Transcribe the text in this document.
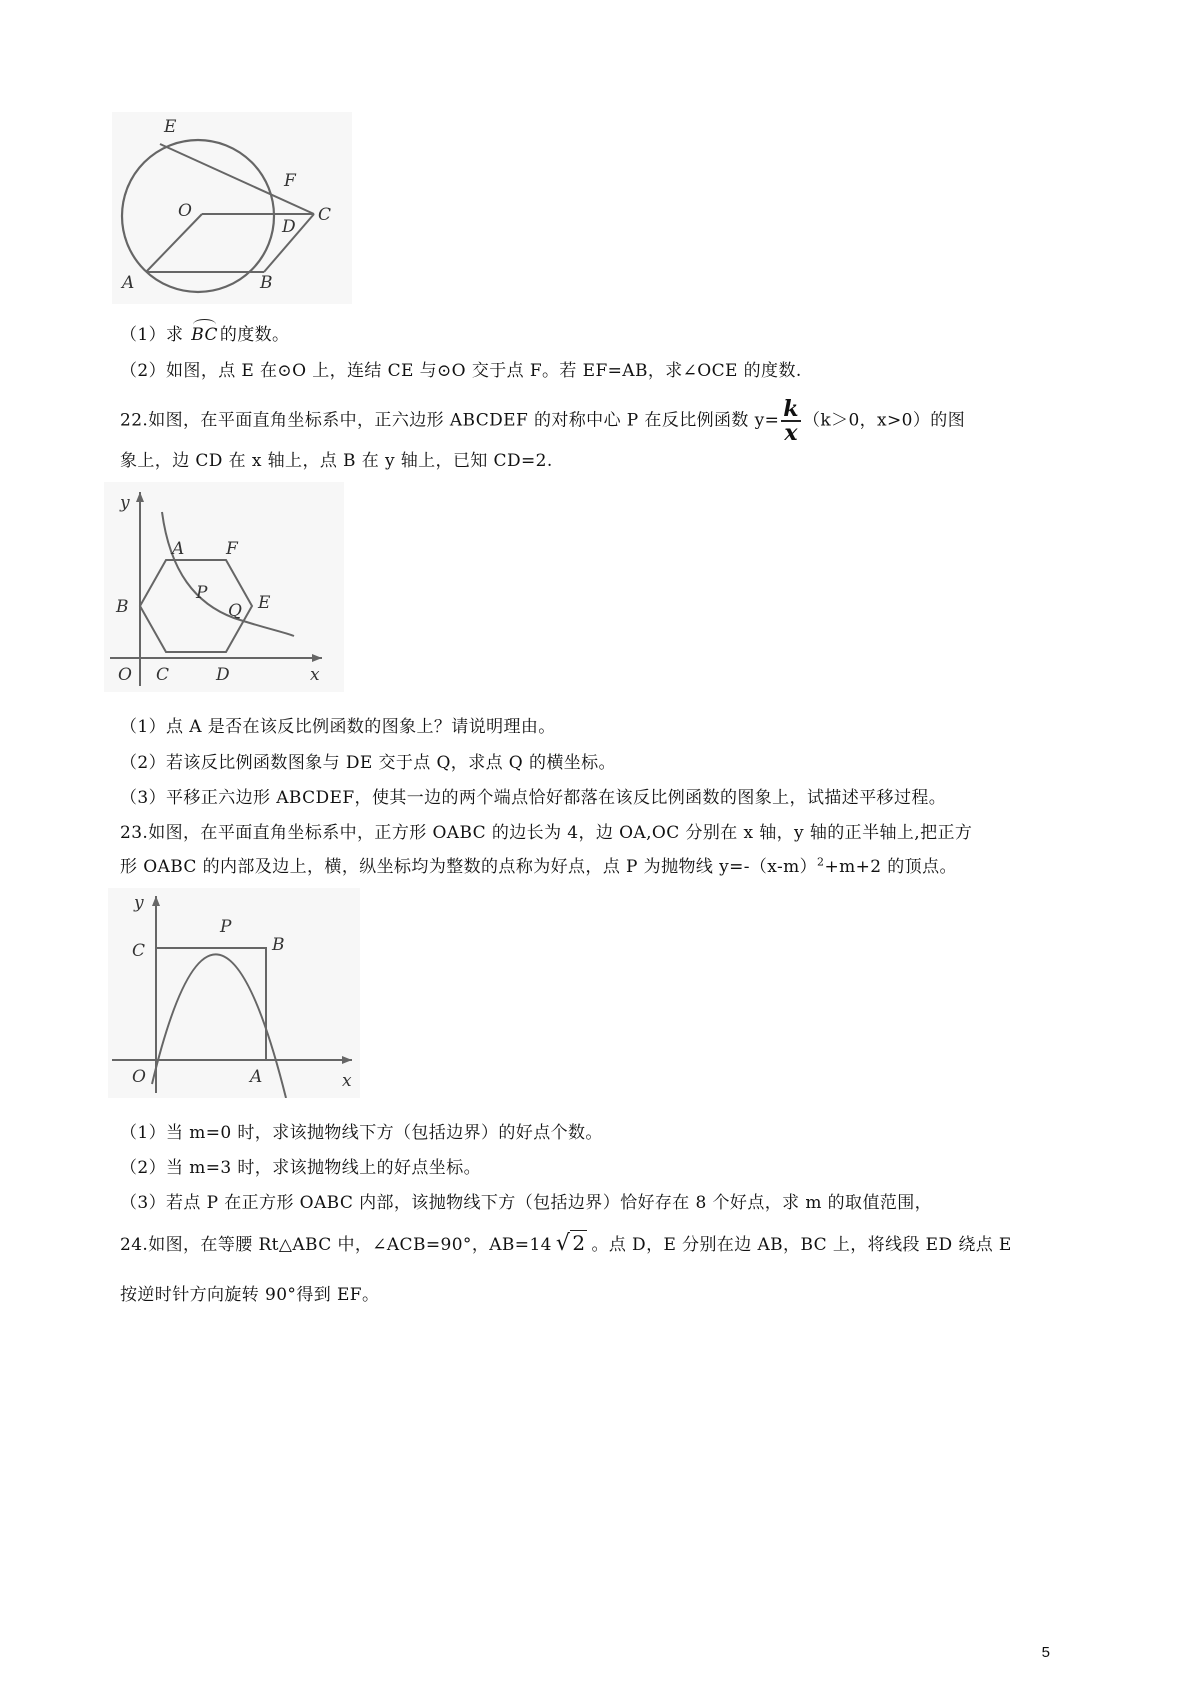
E
F
O
D
C
A	B
（1）求 BC 的度数。
（2）如图，点 E 在⊙O 上，连结 CE 与⊙O 交于点 F。若 EF=AB，求∠OCE 的度数.
22.如图，在平面直角坐标系中，正六边形 ABCDEF 的对称中心 P 在反比例函数 $y= \frac{k}{x} (k>0$，x>0）的图
象上，边 CD 在 x 轴上，点 B 在 y 轴上，已知 CD=2.
y
A F
B
P
Q E
O C	D	x
（1）点 A 是否在该反比例函数的图象上？请说明理由。
（2）若该反比例函数图象与 DE 交于点 Q，求点 Q 的横坐标。
（3）平移正六边形 ABCDEF，使其一边的两个端点恰好都落在该反比例函数的图象上，试描述平移过程。
23.如图，在平面直角坐标系中，正方形 OABC 的边长为 4，边 OA,OC 分别在 x 轴，y 轴的正半轴上,把正方
形 OABC 的内部及边上，横，纵坐标均为整数的点称为好点，点 P 为抛物线 $y=-(x-m)^2+m+2$ 的顶点。
y
C
P
B
O	A	x
（1）当 m=0 时，求该抛物线下方（包括边界）的好点个数。
（2）当 m=3 时，求该抛物线上的好点坐标。
（3）若点 P 在正方形 OABC 内部，该抛物线下方（包括边界）恰好存在 8 个好点，求 m 的取值范围，
24.如图，在等腰 Rt△ABC 中，∠ACB=90°，AB=14 √ 2 。点 D，E 分别在边 AB，BC 上，将线段 ED 绕点 E
按逆时针方向旋转 90°得到 EF。
5
